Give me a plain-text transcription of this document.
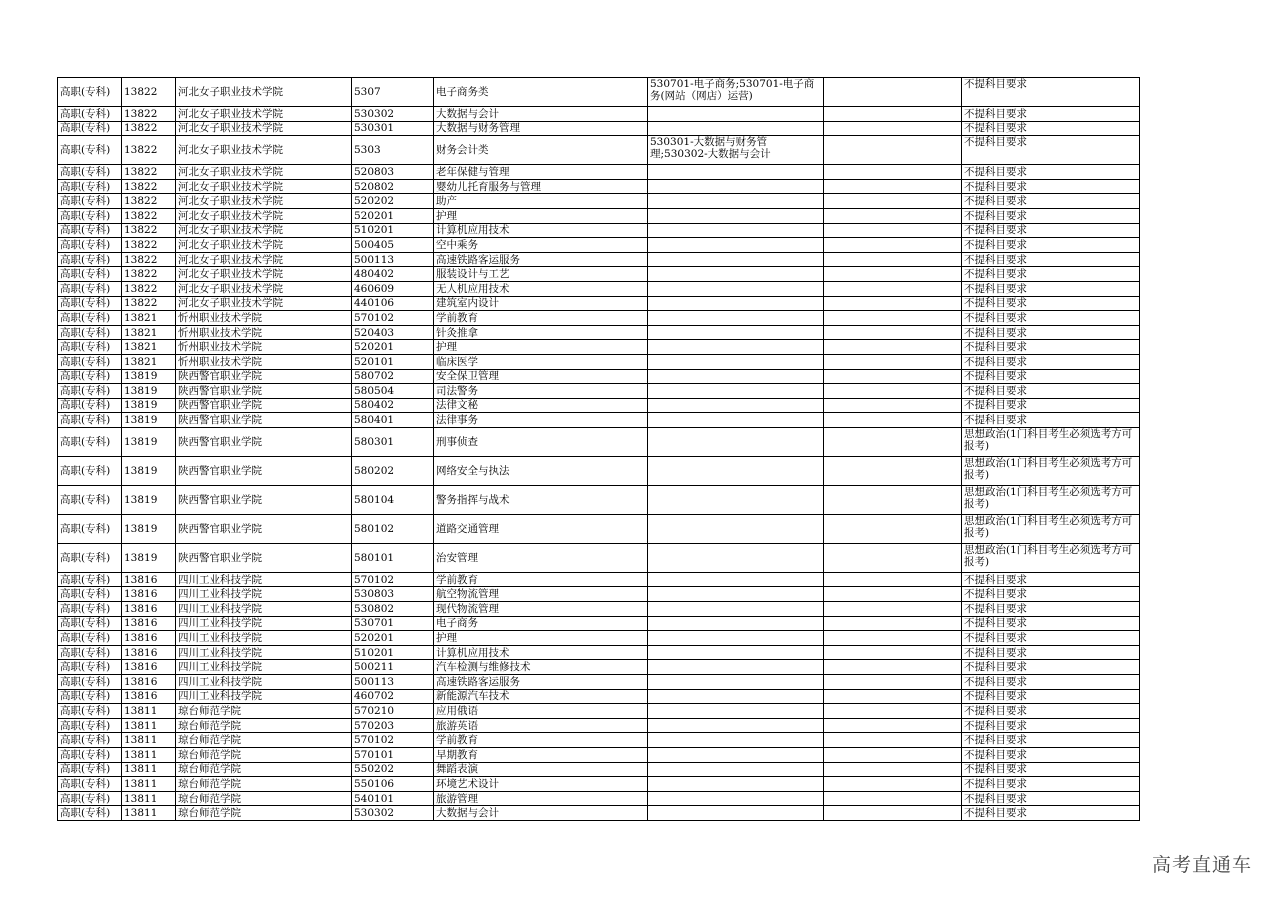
高职(专科)	13822	河北女子职业技术学院	5307	电子商务类	530701-电子商务;530701-电子商务(网站（网店）运营)		不提科目要求
高职(专科)	13822	河北女子职业技术学院	530302	大数据与会计			不提科目要求
高职(专科)	13822	河北女子职业技术学院	530301	大数据与财务管理			不提科目要求
高职(专科)	13822	河北女子职业技术学院	5303	财务会计类	530301-大数据与财务管理;530302-大数据与会计		不提科目要求
高职(专科)	13822	河北女子职业技术学院	520803	老年保健与管理			不提科目要求
高职(专科)	13822	河北女子职业技术学院	520802	婴幼儿托育服务与管理			不提科目要求
高职(专科)	13822	河北女子职业技术学院	520202	助产			不提科目要求
高职(专科)	13822	河北女子职业技术学院	520201	护理			不提科目要求
高职(专科)	13822	河北女子职业技术学院	510201	计算机应用技术			不提科目要求
高职(专科)	13822	河北女子职业技术学院	500405	空中乘务			不提科目要求
高职(专科)	13822	河北女子职业技术学院	500113	高速铁路客运服务			不提科目要求
高职(专科)	13822	河北女子职业技术学院	480402	服装设计与工艺			不提科目要求
高职(专科)	13822	河北女子职业技术学院	460609	无人机应用技术			不提科目要求
高职(专科)	13822	河北女子职业技术学院	440106	建筑室内设计			不提科目要求
高职(专科)	13821	忻州职业技术学院	570102	学前教育			不提科目要求
高职(专科)	13821	忻州职业技术学院	520403	针灸推拿			不提科目要求
高职(专科)	13821	忻州职业技术学院	520201	护理			不提科目要求
高职(专科)	13821	忻州职业技术学院	520101	临床医学			不提科目要求
高职(专科)	13819	陕西警官职业学院	580702	安全保卫管理			不提科目要求
高职(专科)	13819	陕西警官职业学院	580504	司法警务			不提科目要求
高职(专科)	13819	陕西警官职业学院	580402	法律文秘			不提科目要求
高职(专科)	13819	陕西警官职业学院	580401	法律事务			不提科目要求
高职(专科)	13819	陕西警官职业学院	580301	刑事侦查			思想政治(1门科目考生必须选考方可报考)
高职(专科)	13819	陕西警官职业学院	580202	网络安全与执法			思想政治(1门科目考生必须选考方可报考)
高职(专科)	13819	陕西警官职业学院	580104	警务指挥与战术			思想政治(1门科目考生必须选考方可报考)
高职(专科)	13819	陕西警官职业学院	580102	道路交通管理			思想政治(1门科目考生必须选考方可报考)
高职(专科)	13819	陕西警官职业学院	580101	治安管理			思想政治(1门科目考生必须选考方可报考)
高职(专科)	13816	四川工业科技学院	570102	学前教育			不提科目要求
高职(专科)	13816	四川工业科技学院	530803	航空物流管理			不提科目要求
高职(专科)	13816	四川工业科技学院	530802	现代物流管理			不提科目要求
高职(专科)	13816	四川工业科技学院	530701	电子商务			不提科目要求
高职(专科)	13816	四川工业科技学院	520201	护理			不提科目要求
高职(专科)	13816	四川工业科技学院	510201	计算机应用技术			不提科目要求
高职(专科)	13816	四川工业科技学院	500211	汽车检测与维修技术			不提科目要求
高职(专科)	13816	四川工业科技学院	500113	高速铁路客运服务			不提科目要求
高职(专科)	13816	四川工业科技学院	460702	新能源汽车技术			不提科目要求
高职(专科)	13811	琼台师范学院	570210	应用俄语			不提科目要求
高职(专科)	13811	琼台师范学院	570203	旅游英语			不提科目要求
高职(专科)	13811	琼台师范学院	570102	学前教育			不提科目要求
高职(专科)	13811	琼台师范学院	570101	早期教育			不提科目要求
高职(专科)	13811	琼台师范学院	550202	舞蹈表演			不提科目要求
高职(专科)	13811	琼台师范学院	550106	环境艺术设计			不提科目要求
高职(专科)	13811	琼台师范学院	540101	旅游管理			不提科目要求
高职(专科)	13811	琼台师范学院	530302	大数据与会计			不提科目要求
高考直通车
